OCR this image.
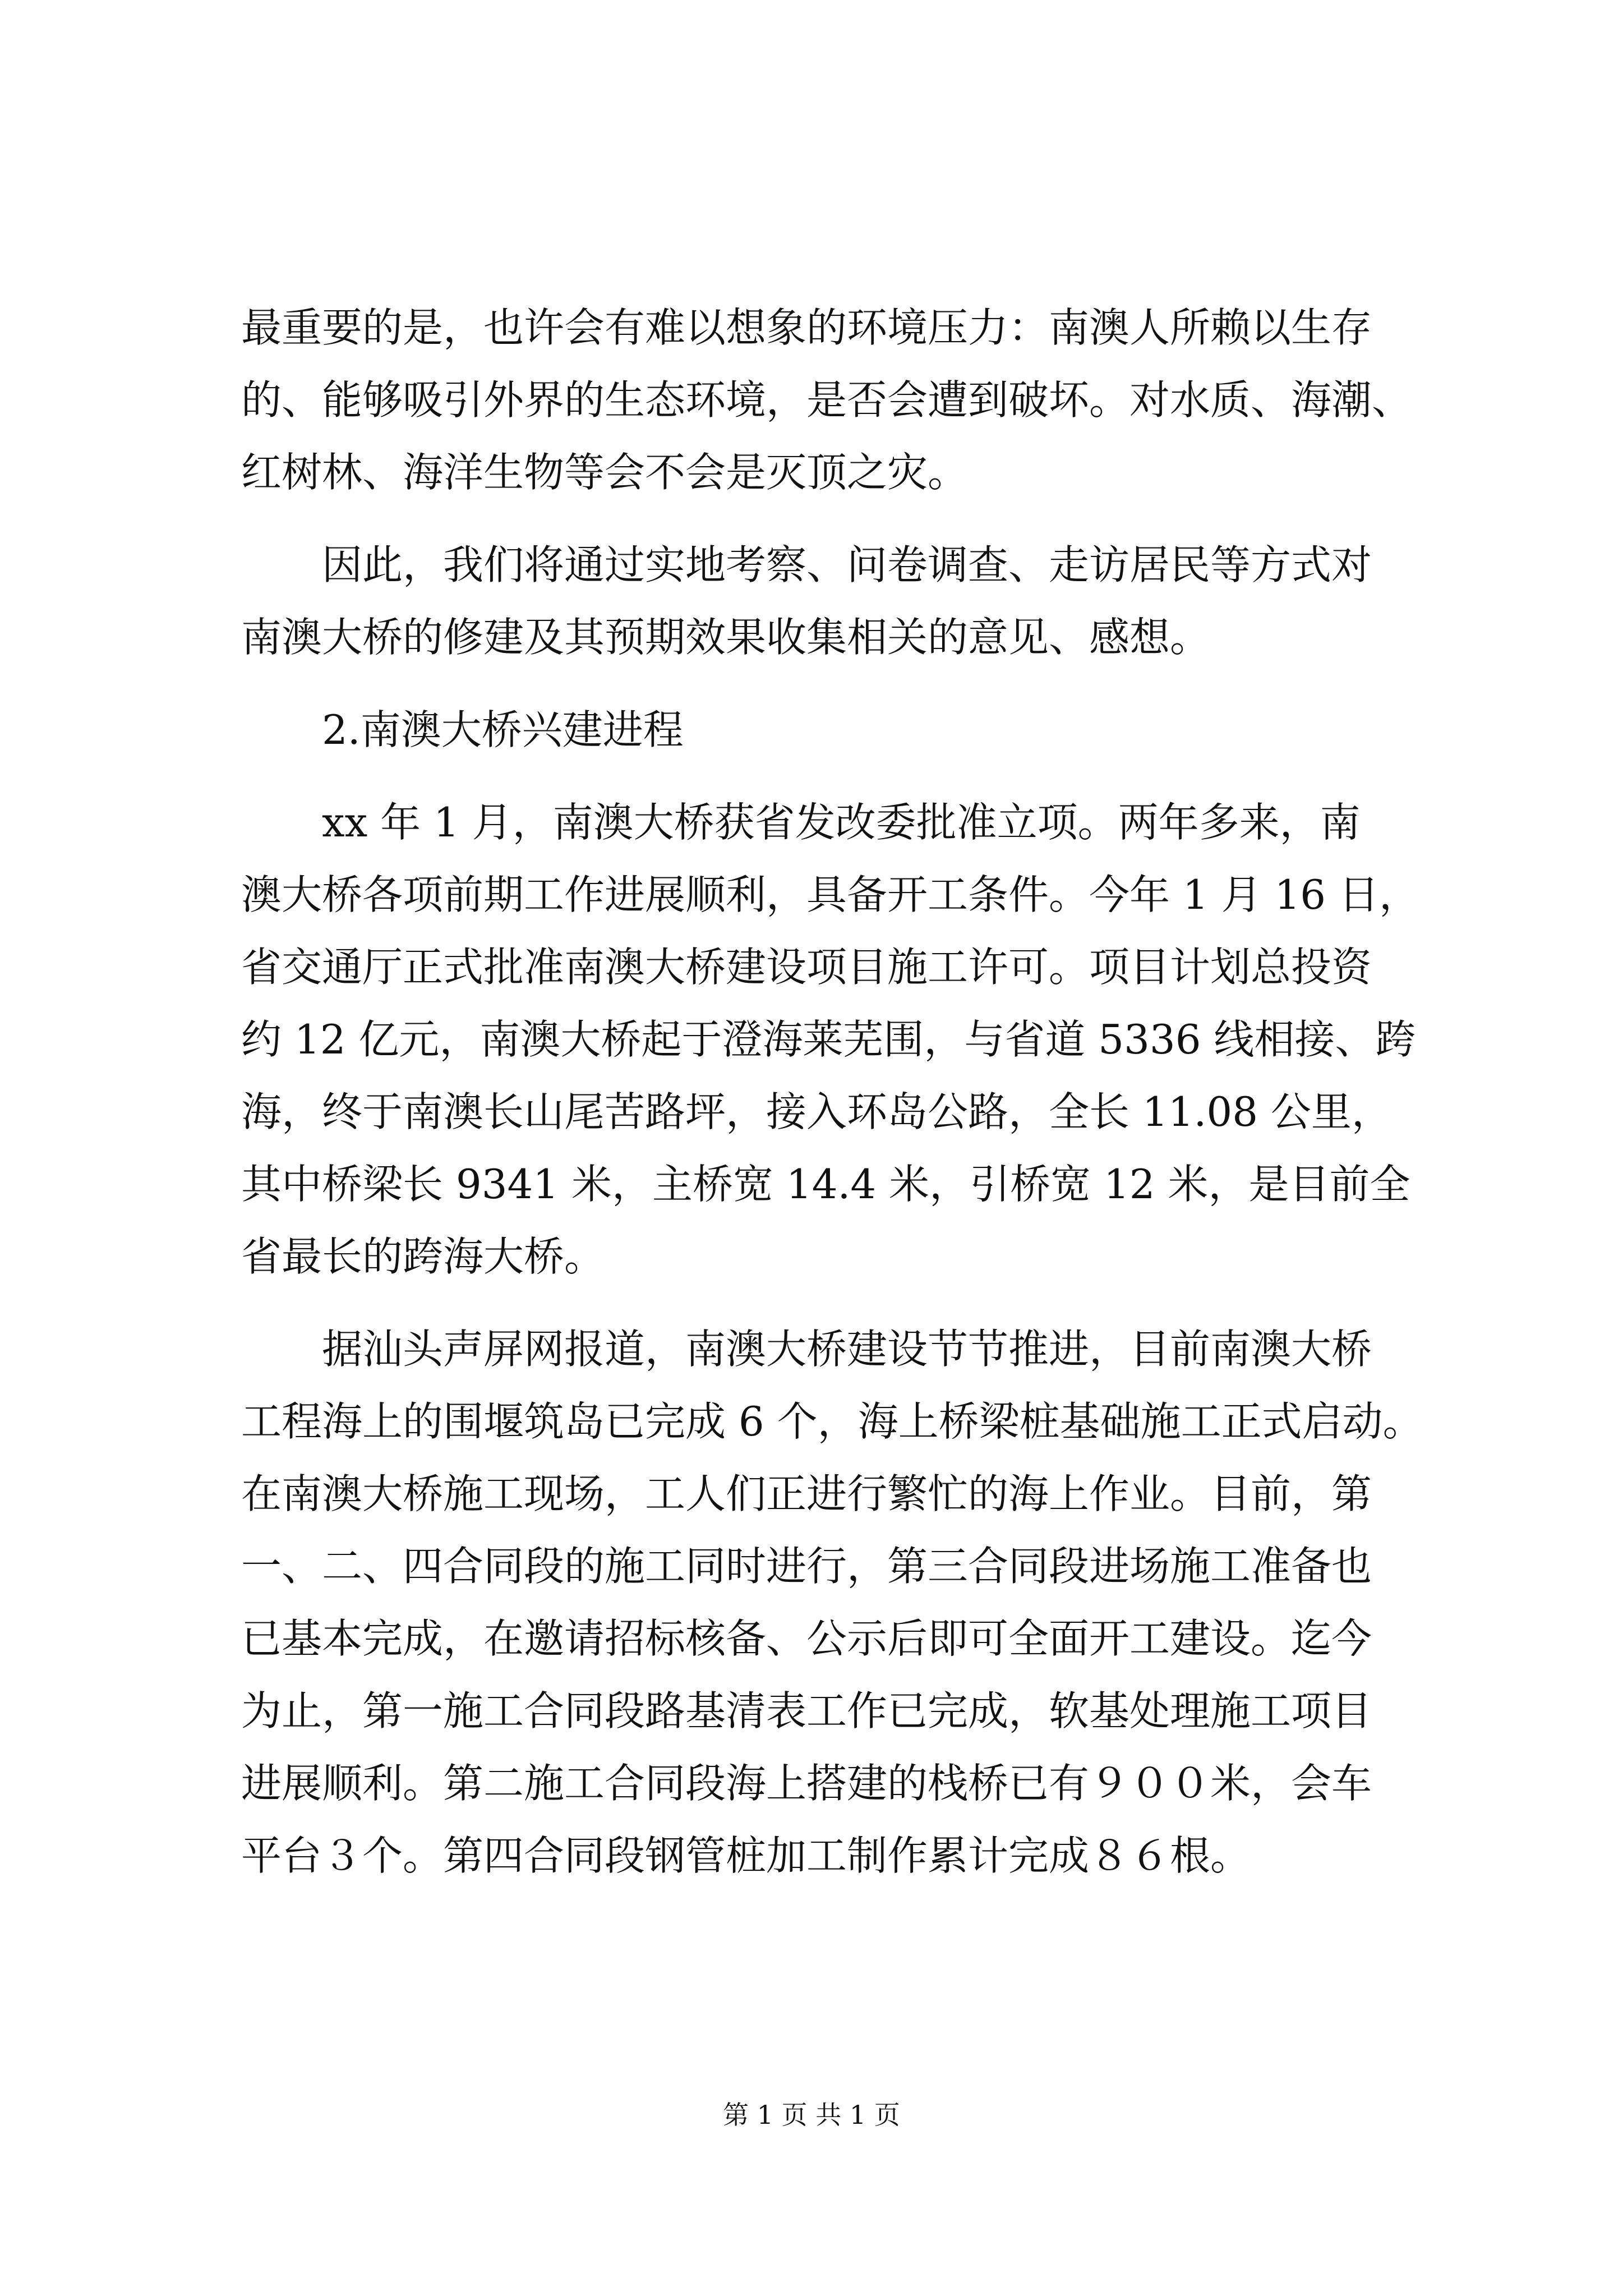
最重要的是，也许会有难以想象的环境压力：南澳人所赖以生存
的、能够吸引外界的生态环境，是否会遭到破坏。对水质、海潮、
红树林、海洋生物等会不会是灭顶之灾。
因此，我们将通过实地考察、问卷调查、走访居民等方式对
南澳大桥的修建及其预期效果收集相关的意见、感想。
2.南澳大桥兴建进程
xx 年 1 月，南澳大桥获省发改委批准立项。两年多来，南
澳大桥各项前期工作进展顺利，具备开工条件。今年 1 月 16 日，
省交通厅正式批准南澳大桥建设项目施工许可。项目计划总投资
约 12 亿元，南澳大桥起于澄海莱芜围，与省道 5336 线相接、跨
海，终于南澳长山尾苦路坪，接入环岛公路，全长 11.08 公里，
其中桥梁长 9341 米，主桥宽 14.4 米，引桥宽 12 米，是目前全
省最长的跨海大桥。
据汕头声屏网报道，南澳大桥建设节节推进，目前南澳大桥
工程海上的围堰筑岛已完成 6 个，海上桥梁桩基础施工正式启动。
在南澳大桥施工现场，工人们正进行繁忙的海上作业。目前，第
一、二、四合同段的施工同时进行，第三合同段进场施工准备也
已基本完成，在邀请招标核备、公示后即可全面开工建设。迄今
为止，第一施工合同段路基清表工作已完成，软基处理施工项目
进展顺利。第二施工合同段海上搭建的栈桥已有９００米，会车
平台３个。第四合同段钢管桩加工制作累计完成８６根。
第 1 页 共 1 页
